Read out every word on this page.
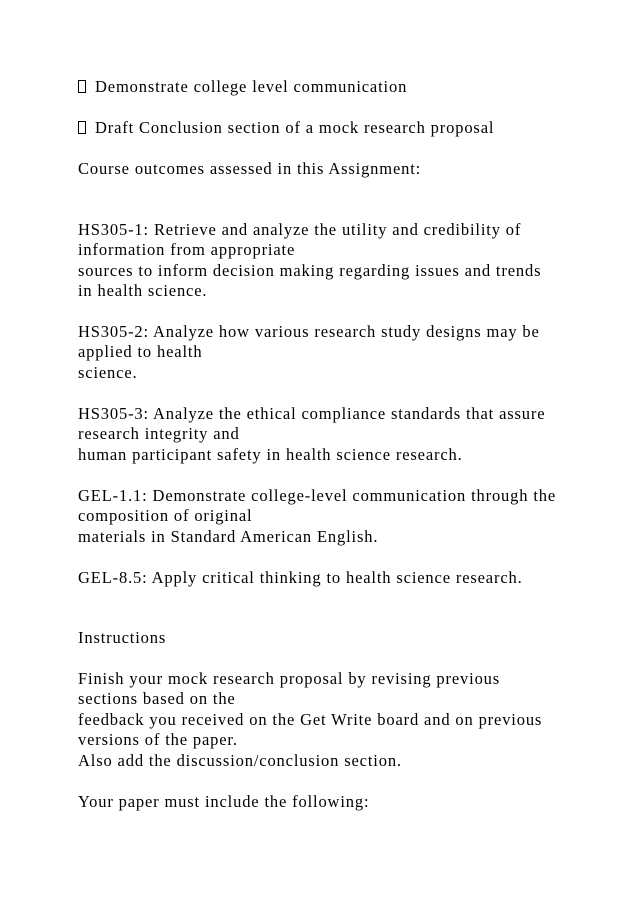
Demonstrate college level communication

Draft Conclusion section of a mock research proposal

Course outcomes assessed in this Assignment:

HS305-1: Retrieve and analyze the utility and credibility of

information from appropriate

sources to inform decision making regarding issues and trends

in health science.

HS305-2: Analyze how various research study designs may be

applied to health

science.

HS305-3: Analyze the ethical compliance standards that assure

research integrity and

human participant safety in health science research.

GEL-1.1: Demonstrate college-level communication through the

composition of original

materials in Standard American English.

GEL-8.5: Apply critical thinking to health science research.

Instructions

Finish your mock research proposal by revising previous

sections based on the

feedback you received on the Get Write board and on previous

versions of the paper.

Also add the discussion/conclusion section.

Your paper must include the following:
